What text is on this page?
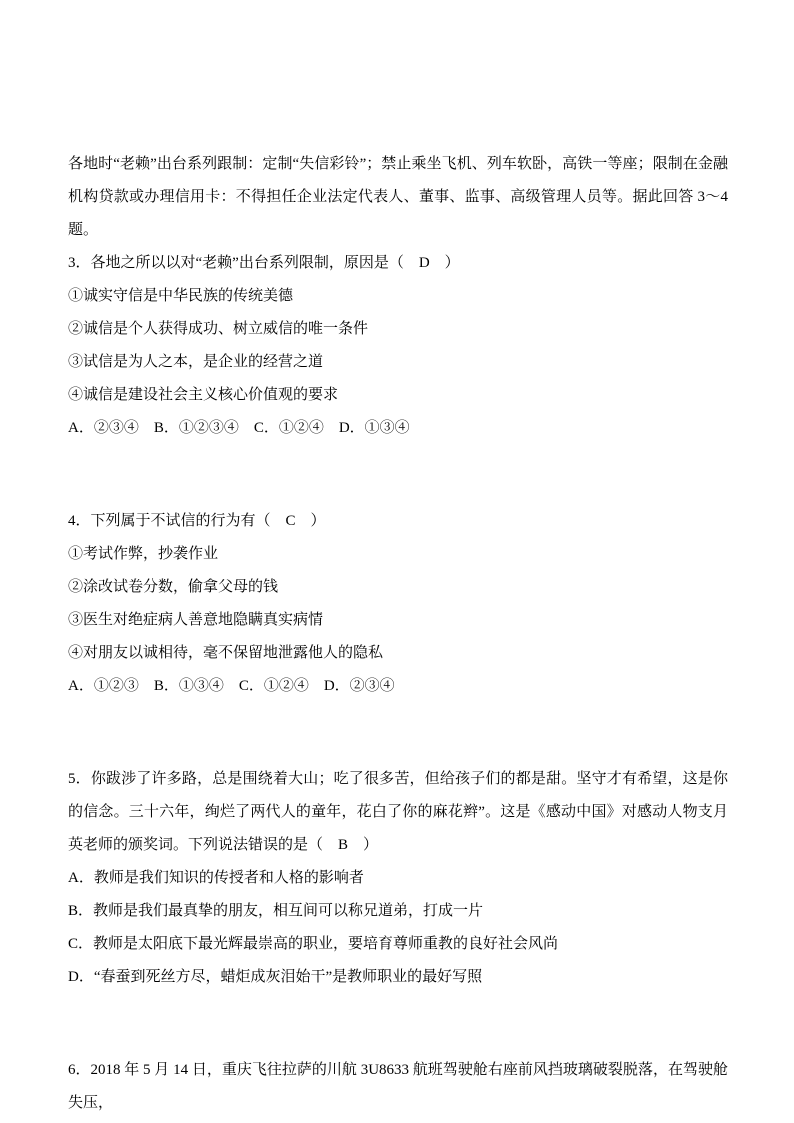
各地时“老赖”出台系列跟制：定制“失信彩铃”；禁止乘坐飞机、列车软卧，高铁一等座；限制在金融机构贷款或办理信用卡：不得担任企业法定代表人、董事、监事、高级管理人员等。据此回答 3～4 题。

3．各地之所以以对“老赖”出台系列限制，原因是（　D　）

①诚实守信是中华民族的传统美德

②诚信是个人获得成功、树立威信的唯一条件

③试信是为人之本，是企业的经营之道

④诚信是建设社会主义核心价值观的要求

A．②③④　B．①②③④　C．①②④　D．①③④

4．下列属于不试信的行为有（　C　）

①考试作弊，抄袭作业

②涂改试卷分数，偷拿父母的钱

③医生对绝症病人善意地隐瞒真实病情

④对朋友以诚相待，毫不保留地泄露他人的隐私

A．①②③　B．①③④　C．①②④　D．②③④

5．你跋涉了许多路，总是围绕着大山；吃了很多苦，但给孩子们的都是甜。坚守才有希望，这是你的信念。三十六年，绚烂了两代人的童年，花白了你的麻花辫”。这是《感动中国》对感动人物支月英老师的颁奖词。下列说法错误的是（　B　）

A．教师是我们知识的传授者和人格的影响者

B．教师是我们最真挚的朋友，相互间可以称兄道弟，打成一片

C．教师是太阳底下最光辉最崇高的职业，要培育尊师重教的良好社会风尚

D．“春蚕到死丝方尽，蜡炬成灰泪始干”是教师职业的最好写照

6．2018 年 5 月 14 日，重庆飞往拉萨的川航 3U8633 航班驾驶舱右座前风挡玻璃破裂脱落，在驾驶舱失压，
